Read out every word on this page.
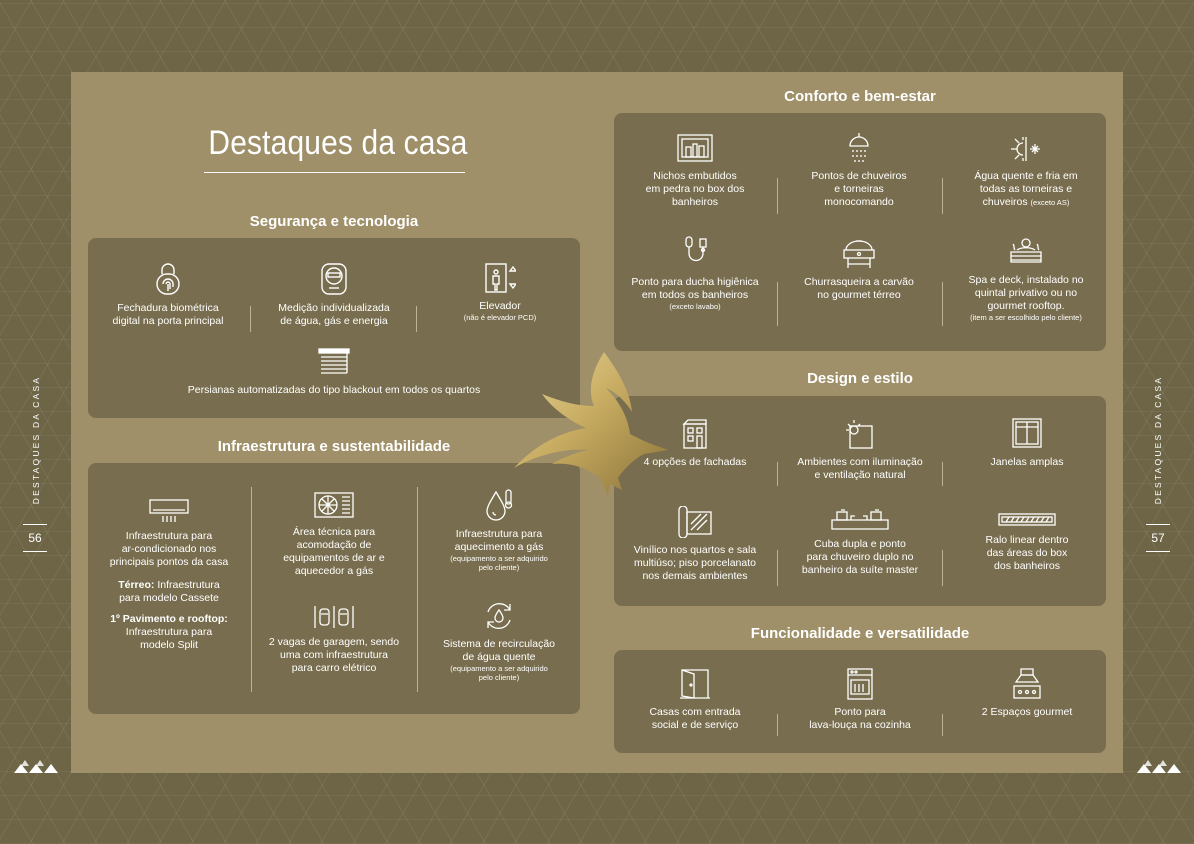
DESTAQUES DA CASA
56
DESTAQUES DA CASA
57
Destaques da casa
Segurança e tecnologia
Fechadura biométrica
digital na porta principal
Medição individualizada
de água, gás e energia
Elevador
(não é elevador PCD)
Persianas automatizadas do tipo blackout em todos os quartos
Infraestrutura e sustentabilidade
Infraestrutura para
ar-condicionado nos
principais pontos da casa
Térreo: Infraestrutura
para modelo Cassete
1º Pavimento e rooftop:
Infraestrutura para
modelo Split
Área técnica para
acomodação de
equipamentos de ar e
aquecedor a gás
Infraestrutura para
aquecimento a gás
(equipamento a ser adquirido
pelo cliente)
2 vagas de garagem, sendo
uma com infraestrutura
para carro elétrico
Sistema de recirculação
de água quente
(equipamento a ser adquirido
pelo cliente)
Conforto e bem-estar
Nichos embutidos
em pedra no box dos
banheiros
Pontos de chuveiros
e torneiras
monocomando
Água quente e fria em
todas as torneiras e
chuveiros (exceto AS)
Ponto para ducha higiênica
em todos os banheiros
(exceto lavabo)
Churrasqueira a carvão
no gourmet térreo
Spa e deck, instalado no
quintal privativo ou no
gourmet rooftop.
(item a ser escolhido pelo cliente)
Design e estilo
4 opções de fachadas	Ambientes com iluminação
e ventilação natural
Janelas amplas
Vinílico nos quartos e sala
multiúso; piso porcelanato
nos demais ambientes
Cuba dupla e ponto
para chuveiro duplo no
banheiro da suíte master
Ralo linear dentro
das áreas do box
dos banheiros
Funcionalidade e versatilidade
Casas com entrada
social e de serviço
Ponto para
lava-louça na cozinha
2 Espaços gourmet
